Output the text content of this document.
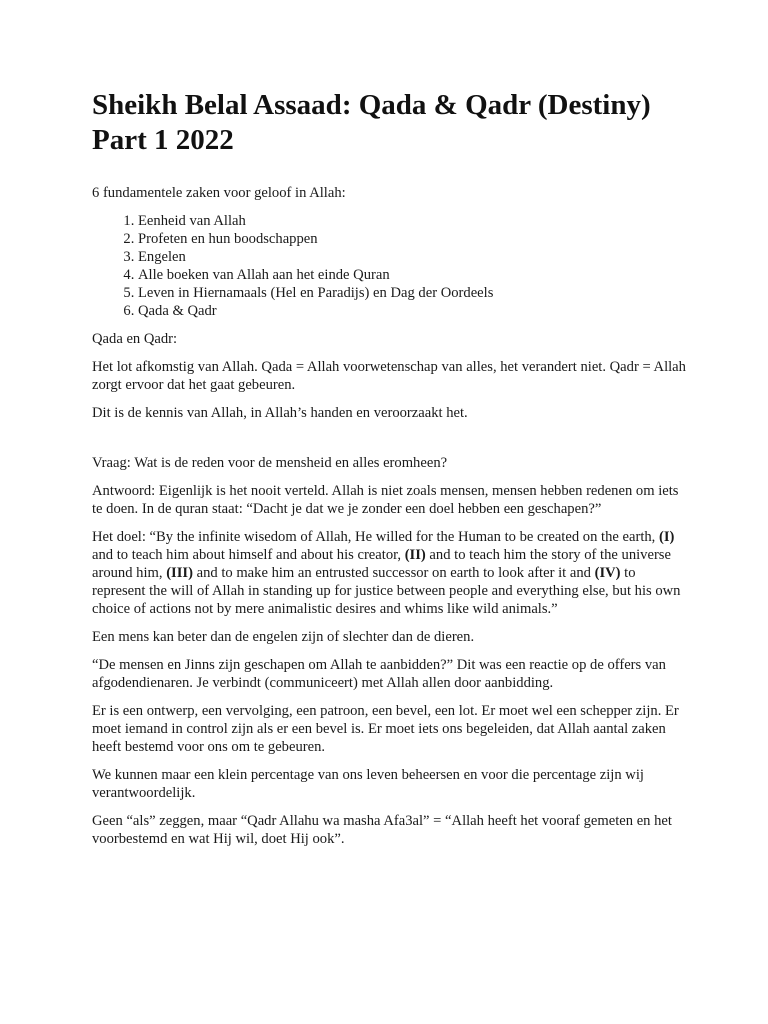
Sheikh Belal Assaad: Qada & Qadr (Destiny) Part 1 2022

6 fundamentele zaken voor geloof in Allah:

1. Eenheid van Allah
2. Profeten en hun boodschappen
3. Engelen
4. Alle boeken van Allah aan het einde Quran
5. Leven in Hiernamaals (Hel en Paradijs) en Dag der Oordeels
6. Qada & Qadr

Qada en Qadr:

Het lot afkomstig van Allah. Qada = Allah voorwetenschap van alles, het verandert niet. Qadr = Allah zorgt ervoor dat het gaat gebeuren.

Dit is de kennis van Allah, in Allah’s handen en veroorzaakt het.

Vraag: Wat is de reden voor de mensheid en alles eromheen?

Antwoord: Eigenlijk is het nooit verteld. Allah is niet zoals mensen, mensen hebben redenen om iets te doen. In de quran staat: “Dacht je dat we je zonder een doel hebben een geschapen?”

Het doel: “By the infinite wisedom of Allah, He willed for the Human to be created on the earth, (I) and to teach him about himself and about his creator, (II) and to teach him the story of the universe around him, (III) and to make him an entrusted successor on earth to look after it and (IV) to represent the will of Allah in standing up for justice between people and everything else, but his own choice of actions not by mere animalistic desires and whims like wild animals.”

Een mens kan beter dan de engelen zijn of slechter dan de dieren.

“De mensen en Jinns zijn geschapen om Allah te aanbidden?” Dit was een reactie op de offers van afgodendienaren. Je verbindt (communiceert) met Allah allen door aanbidding.

Er is een ontwerp, een vervolging, een patroon, een bevel, een lot. Er moet wel een schepper zijn. Er moet iemand in control zijn als er een bevel is. Er moet iets ons begeleiden, dat Allah aantal zaken heeft bestemd voor ons om te gebeuren.

We kunnen maar een klein percentage van ons leven beheersen en voor die percentage zijn wij verantwoordelijk.

Geen “als” zeggen, maar “Qadr Allahu wa masha Afa3al” = “Allah heeft het vooraf gemeten en het voorbestemd en wat Hij wil, doet Hij ook”.
